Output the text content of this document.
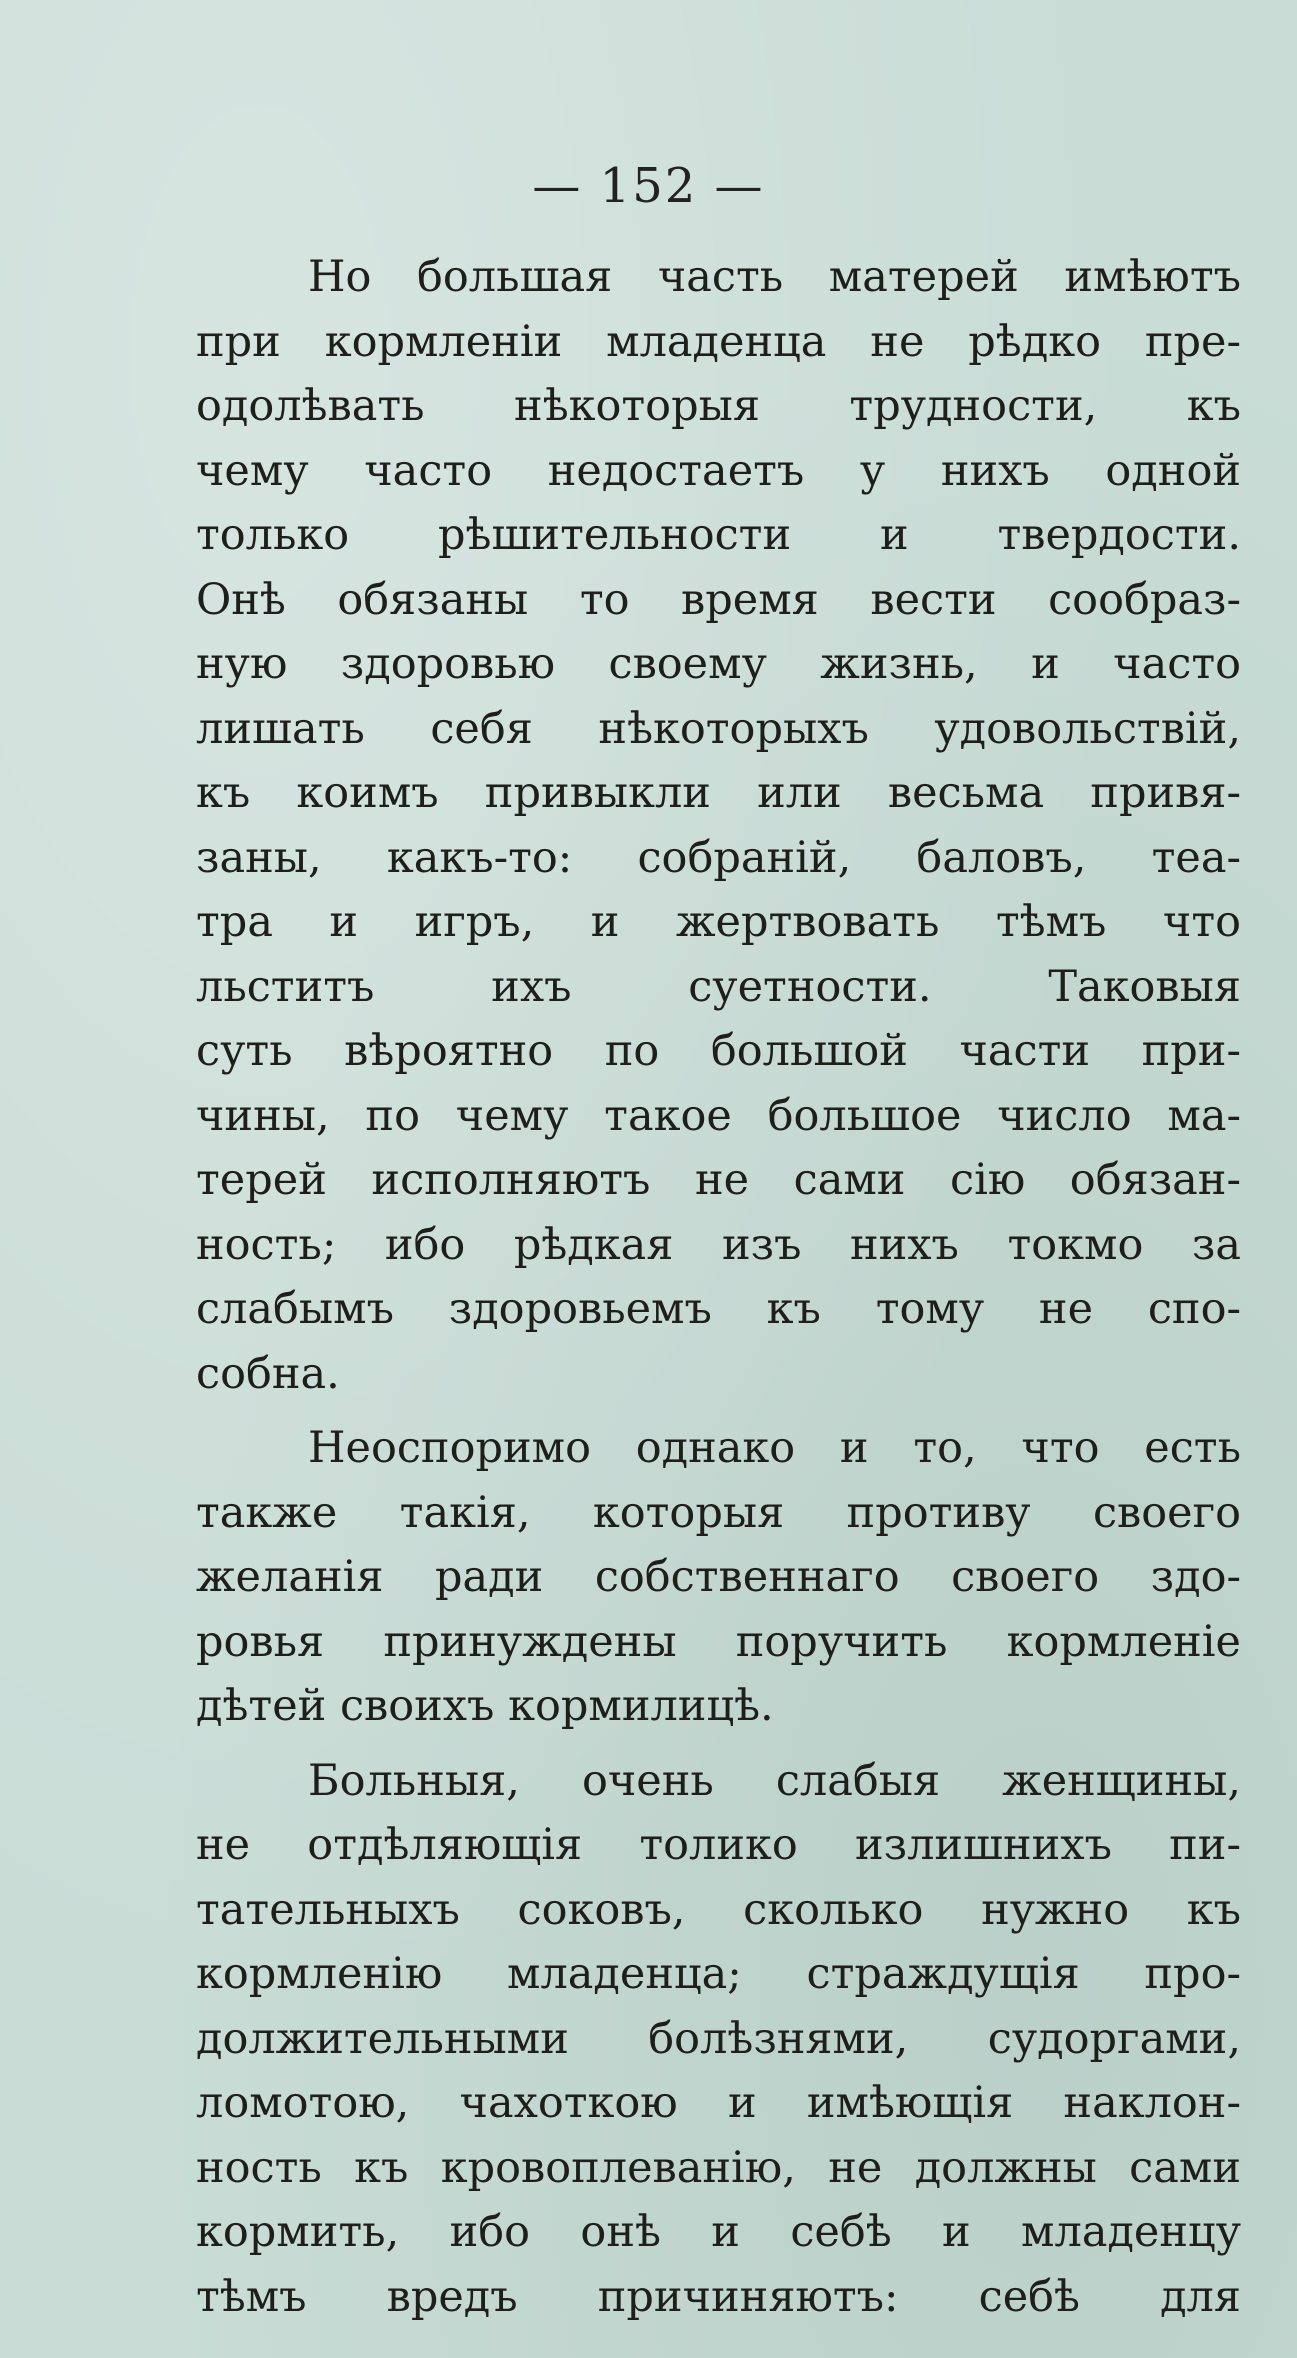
— 152 —
Но большая часть матерей имѣютъ
при кормленіи младенца не рѣдко пре-
одолѣвать нѣкоторыя трудности, къ
чему часто недостаетъ у нихъ одной
только рѣшительности и твердости.
Онѣ обязаны то время вести сообраз-
ную здоровью своему жизнь, и часто
лишать себя нѣкоторыхъ удовольствій,
къ коимъ привыкли или весьма привя-
заны, какъ-то: собраній, баловъ, теа-
тра и игръ, и жертвовать тѣмъ что
льститъ ихъ суетности. Таковыя
суть вѣроятно по большой части при-
чины, по чему такое большое число ма-
терей исполняютъ не сами сію обязан-
ность; ибо рѣдкая изъ нихъ токмо за
слабымъ здоровьемъ къ тому не спо-
собна.
Неоспоримо однако и то, что есть
также такія, которыя противу своего
желанія ради собственнаго своего здо-
ровья принуждены поручить кормленіе
дѣтей своихъ кормилицѣ.
Больныя, очень слабыя женщины,
не отдѣляющія толико излишнихъ пи-
тательныхъ соковъ, сколько нужно къ
кормленію младенца; страждущія про-
должительными болѣзнями, судоргами,
ломотою, чахоткою и имѣющія наклон-
ность къ кровоплеванію, не должны сами
кормить, ибо онѣ и себѣ и младенцу
тѣмъ вредъ причиняютъ: себѣ для
